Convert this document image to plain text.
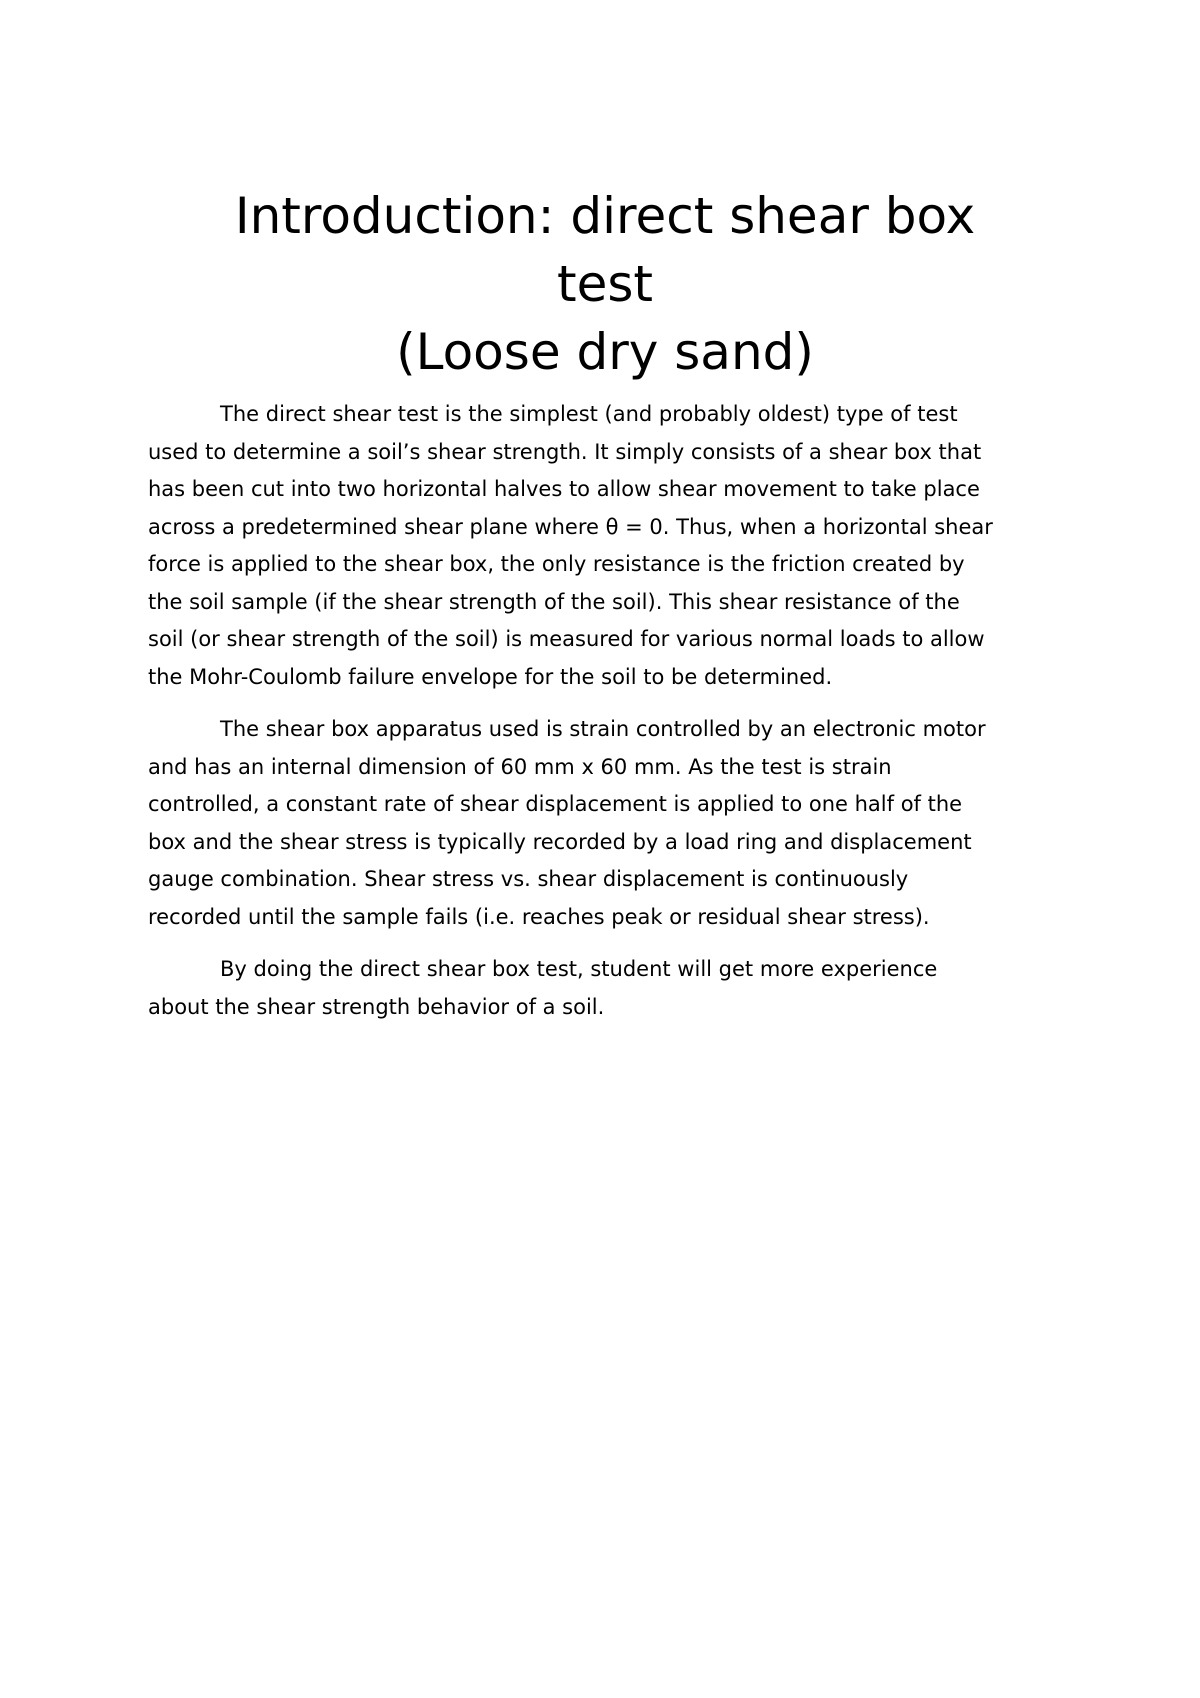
Introduction: direct shear box
test
(Loose dry sand)

The direct shear test is the simplest (and probably oldest) type of test
used to determine a soil’s shear strength. It simply consists of a shear box that
has been cut into two horizontal halves to allow shear movement to take place
across a predetermined shear plane where θ = 0. Thus, when a horizontal shear
force is applied to the shear box, the only resistance is the friction created by
the soil sample (if the shear strength of the soil). This shear resistance of the
soil (or shear strength of the soil) is measured for various normal loads to allow
the Mohr-Coulomb failure envelope for the soil to be determined.

The shear box apparatus used is strain controlled by an electronic motor
and has an internal dimension of 60 mm x 60 mm. As the test is strain
controlled, a constant rate of shear displacement is applied to one half of the
box and the shear stress is typically recorded by a load ring and displacement
gauge combination. Shear stress vs. shear displacement is continuously
recorded until the sample fails (i.e. reaches peak or residual shear stress).

By doing the direct shear box test, student will get more experience
about the shear strength behavior of a soil.
